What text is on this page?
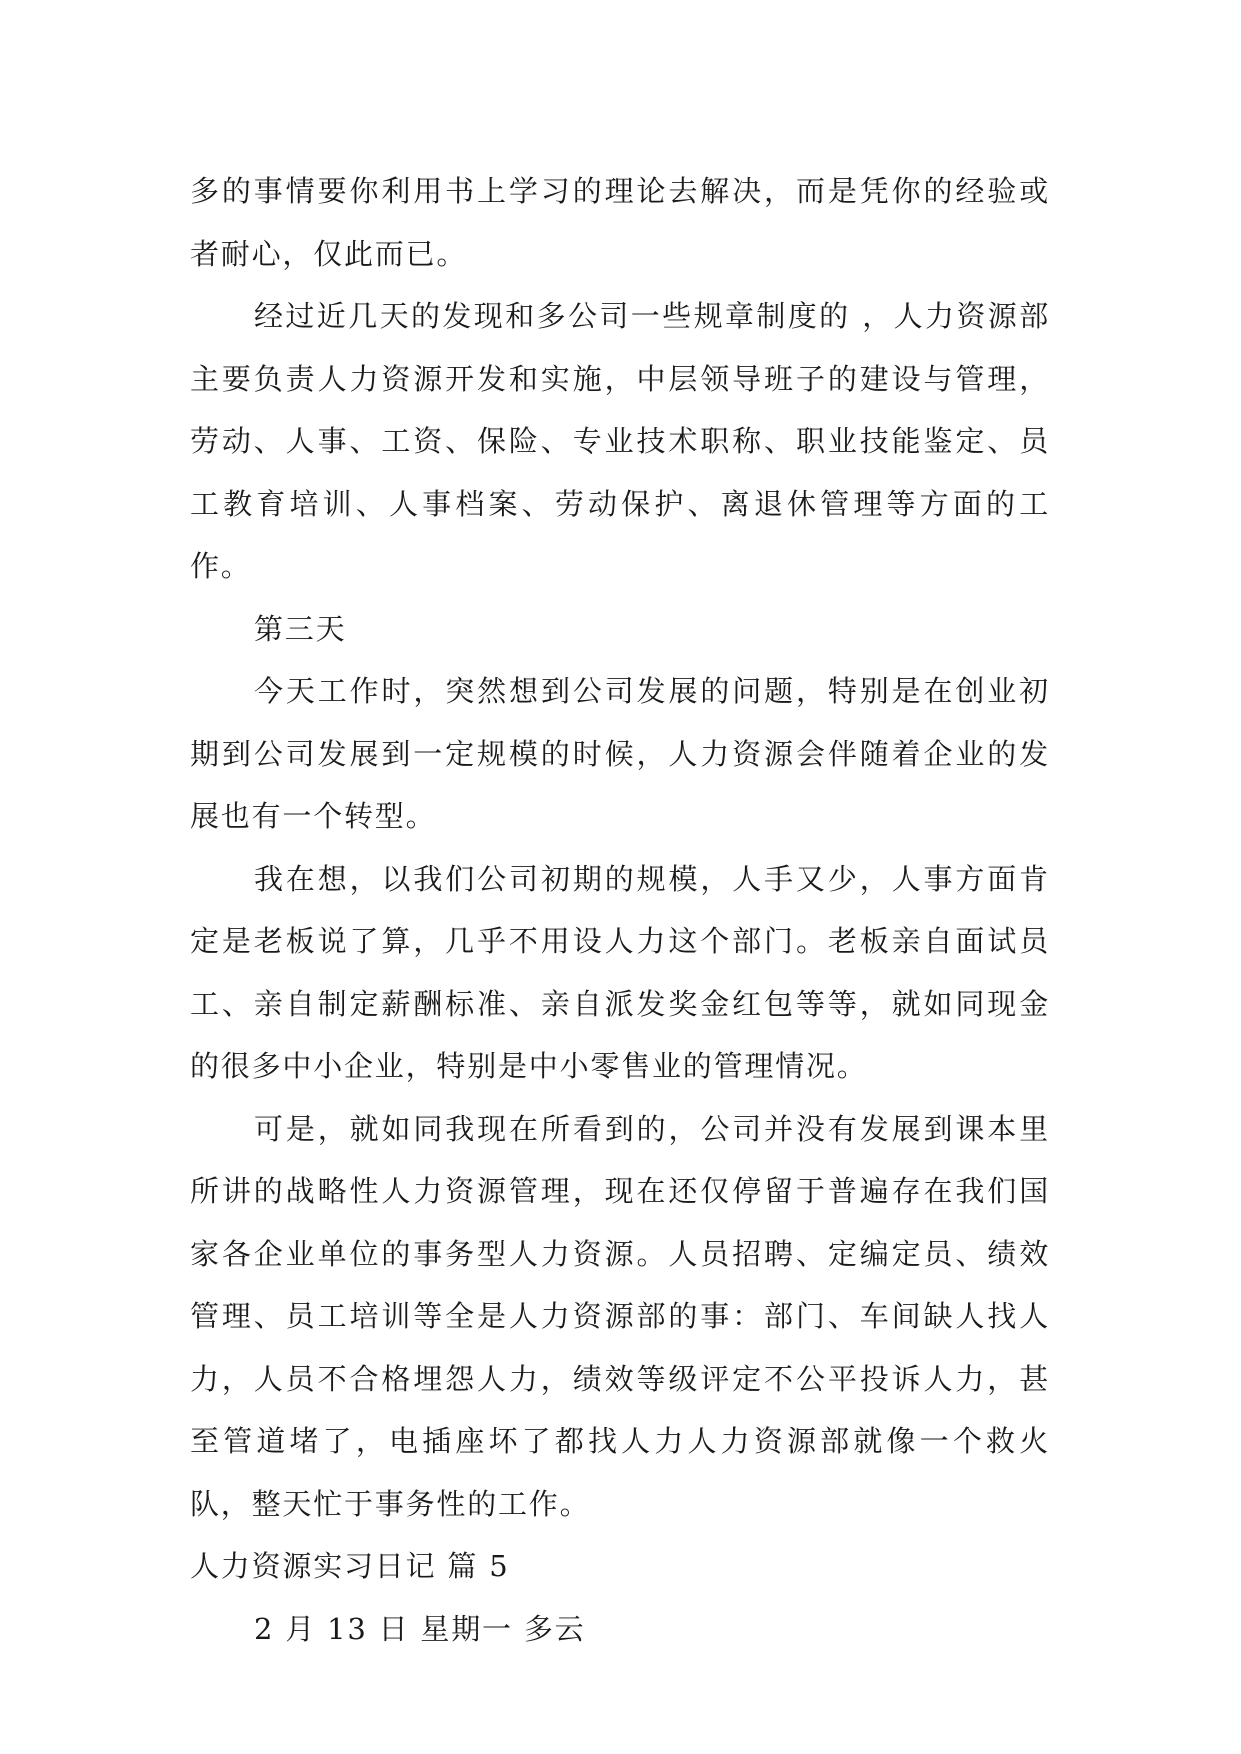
多的事情要你利用书上学习的理论去解决，而是凭你的经验或者耐心，仅此而已。

经过近几天的发现和多公司一些规章制度的 ，人力资源部主要负责人力资源开发和实施，中层领导班子的建设与管理，劳动、人事、工资、保险、专业技术职称、职业技能鉴定、员工教育培训、人事档案、劳动保护、离退休管理等方面的工作。

第三天

今天工作时，突然想到公司发展的问题，特别是在创业初期到公司发展到一定规模的时候，人力资源会伴随着企业的发展也有一个转型。

我在想，以我们公司初期的规模，人手又少，人事方面肯定是老板说了算，几乎不用设人力这个部门。老板亲自面试员工、亲自制定薪酬标准、亲自派发奖金红包等等，就如同现金的很多中小企业，特别是中小零售业的管理情况。

可是，就如同我现在所看到的，公司并没有发展到课本里所讲的战略性人力资源管理，现在还仅停留于普遍存在我们国家各企业单位的事务型人力资源。人员招聘、定编定员、绩效管理、员工培训等全是人力资源部的事：部门、车间缺人找人力，人员不合格埋怨人力，绩效等级评定不公平投诉人力，甚至管道堵了，电插座坏了都找人力人力资源部就像一个救火队，整天忙于事务性的工作。

人力资源实习日记 篇 5

2 月 13 日 星期一 多云
